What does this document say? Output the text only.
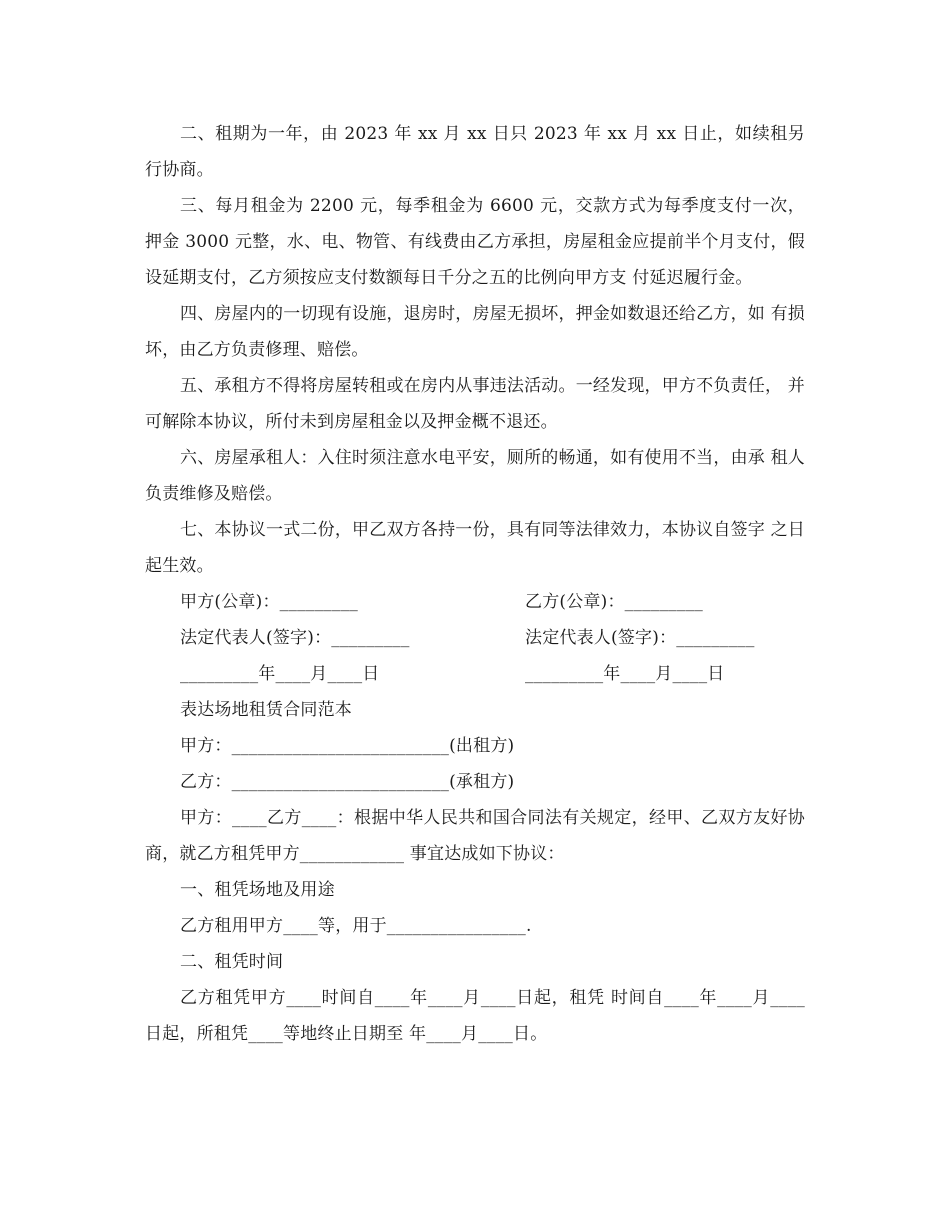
二、租期为一年，由 2023 年 xx 月 xx 日只 2023 年 xx 月 xx 日止，如续租另行协商。

三、每月租金为 2200 元，每季租金为 6600 元，交款方式为每季度支付一次， 押金 3000 元整，水、电、物管、有线费由乙方承担，房屋租金应提前半个月支付，假设延期支付，乙方须按应支付数额每日千分之五的比例向甲方支 付延迟履行金。

四、房屋内的一切现有设施，退房时，房屋无损坏，押金如数退还给乙方，如 有损坏，由乙方负责修理、赔偿。

五、承租方不得将房屋转租或在房内从事违法活动。一经发现，甲方不负责任， 并可解除本协议，所付未到房屋租金以及押金概不退还。

六、房屋承租人：入住时须注意水电平安，厕所的畅通，如有使用不当，由承 租人负责维修及赔偿。

七、本协议一式二份，甲乙双方各持一份，具有同等法律效力，本协议自签字 之日起生效。

甲方(公章)：_________	乙方(公章)：_________
法定代表人(签字)：_________	法定代表人(签字)：_________
_________年____月____日	_________年____月____日

表达场地租赁合同范本

甲方：_________________________(出租方)

乙方：_________________________(承租方)

甲方：____乙方____：根据中华人民共和国合同法有关规定，经甲、乙双方友好协商，就乙方租凭甲方____________ 事宜达成如下协议：

一、租凭场地及用途

乙方租用甲方____等，用于________________.

二、租凭时间

乙方租凭甲方____时间自____年____月____日起，租凭 时间自____年____月____日起，所租凭____等地终止日期至 年____月____日。
